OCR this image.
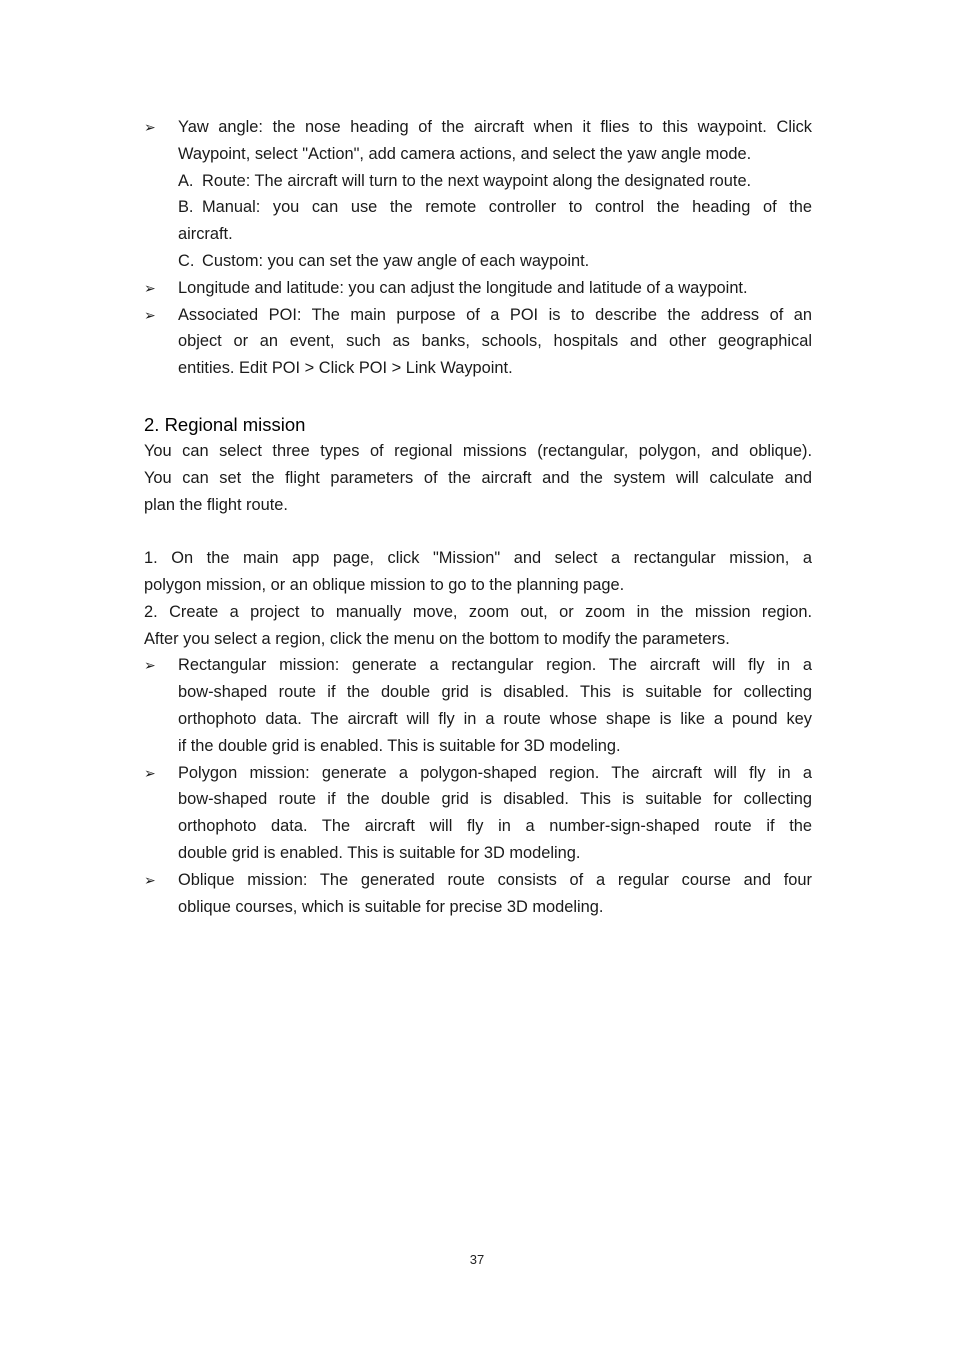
➢ Yaw angle: the nose heading of the aircraft when it flies to this waypoint. Click
Waypoint, select "Action", add camera actions, and select the yaw angle mode.
A. Route: The aircraft will turn to the next waypoint along the designated route.
B. Manual: you can use the remote controller to control the heading of the
aircraft.
C. Custom: you can set the yaw angle of each waypoint.
➢ Longitude and latitude: you can adjust the longitude and latitude of a waypoint.
➢ Associated POI: The main purpose of a POI is to describe the address of an
object or an event, such as banks, schools, hospitals and other geographical
entities. Edit POI > Click POI > Link Waypoint.
2. Regional mission
You can select three types of regional missions (rectangular, polygon, and oblique).
You can set the flight parameters of the aircraft and the system will calculate and
plan the flight route.
1. On the main app page, click "Mission" and select a rectangular mission, a
polygon mission, or an oblique mission to go to the planning page.
2. Create a project to manually move, zoom out, or zoom in the mission region.
After you select a region, click the menu on the bottom to modify the parameters.
➢ Rectangular mission: generate a rectangular region. The aircraft will fly in a
bow-shaped route if the double grid is disabled. This is suitable for collecting
orthophoto data. The aircraft will fly in a route whose shape is like a pound key
if the double grid is enabled. This is suitable for 3D modeling.
➢ Polygon mission: generate a polygon-shaped region. The aircraft will fly in a
bow-shaped route if the double grid is disabled. This is suitable for collecting
orthophoto data. The aircraft will fly in a number-sign-shaped route if the
double grid is enabled. This is suitable for 3D modeling.
➢ Oblique mission: The generated route consists of a regular course and four
oblique courses, which is suitable for precise 3D modeling.
37
